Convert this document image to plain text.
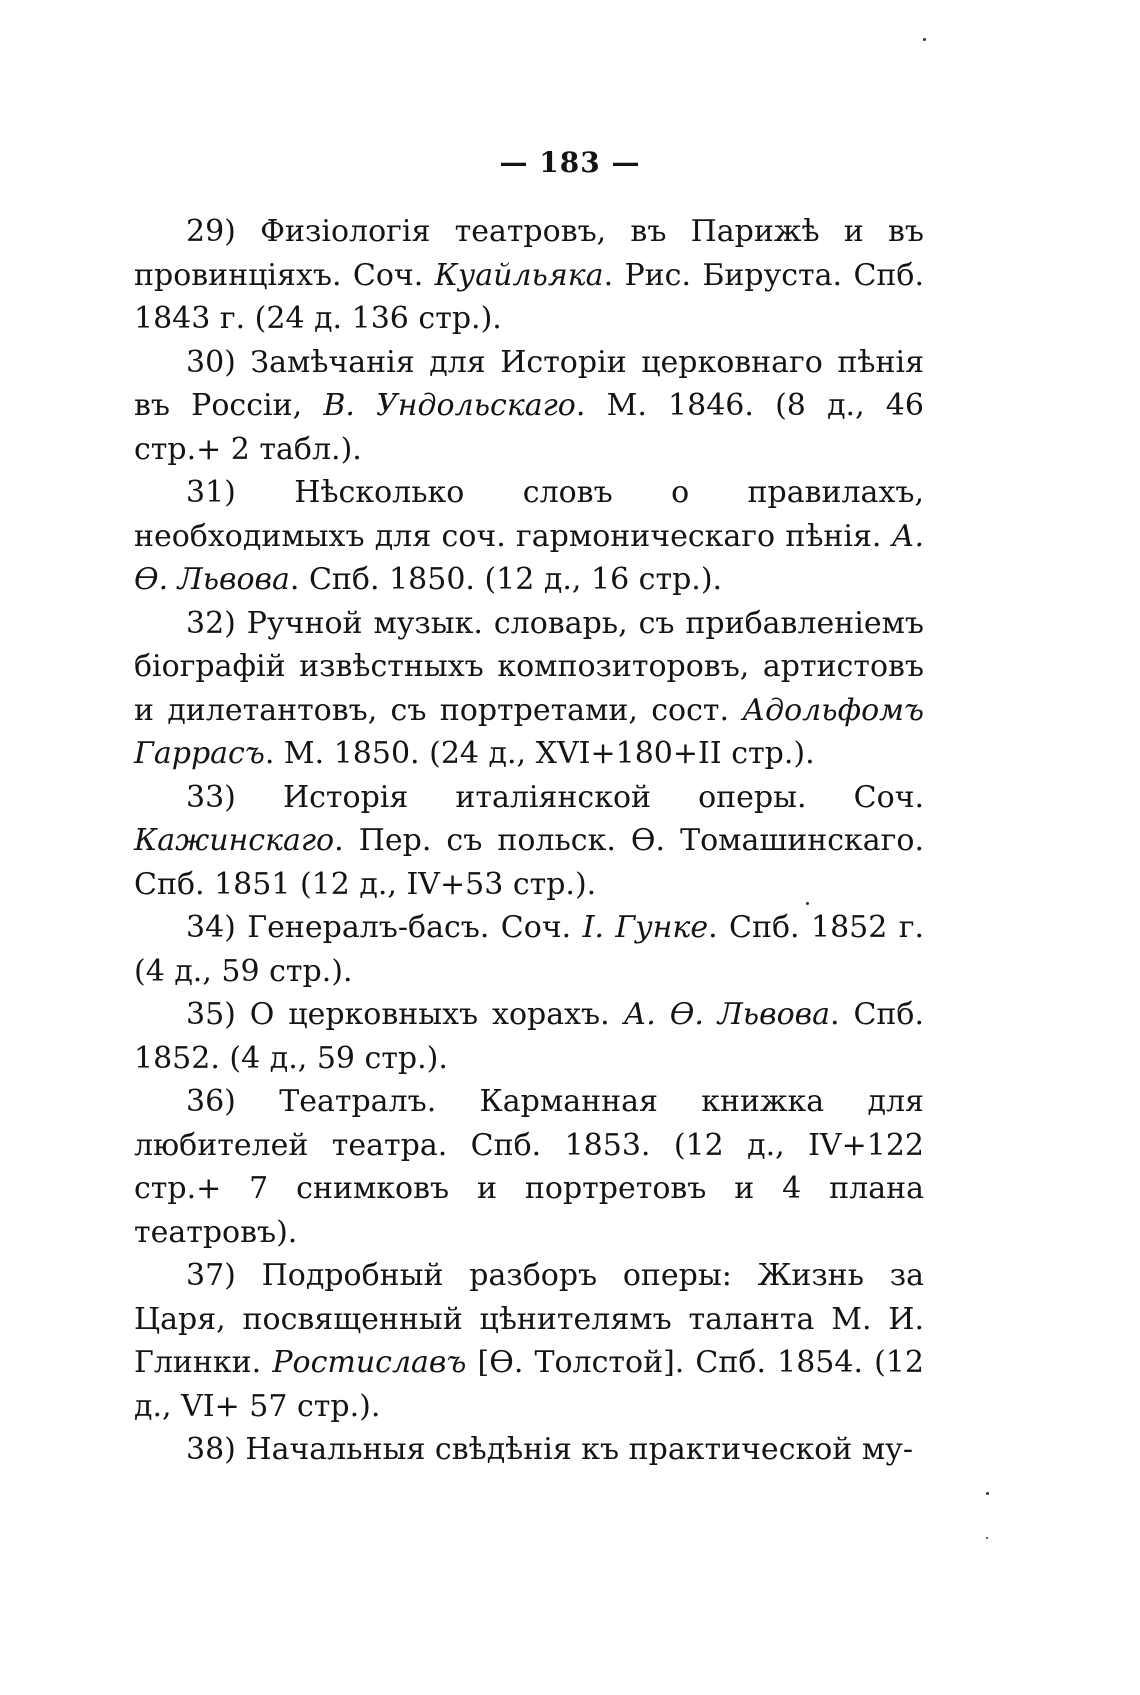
— 183 —

29) Физіологія театровъ, въ Парижѣ и въ провинціяхъ. Соч. Куайльяка. Рис. Бируста. Спб. 1843 г. (24 д. 136 стр.).

30) Замѣчанія для Исторіи церковнаго пѣнія въ Россіи, В. Ундольскаго. М. 1846. (8 д., 46 стр.+ 2 табл.).

31) Нѣсколько словъ о правилахъ, необходимыхъ для соч. гармоническаго пѣнія. А. Ѳ. Львова. Спб. 1850. (12 д., 16 стр.).

32) Ручной музык. словарь, съ прибавленіемъ біографій извѣстныхъ композиторовъ, артистовъ и дилетантовъ, съ портретами, сост. Адольфомъ Гаррасъ. М. 1850. (24 д., XVI+180+II стр.).

33) Исторія италіянской оперы. Соч. Кажинскаго. Пер. съ польск. Ѳ. Томашинскаго. Спб. 1851 (12 д., IV+53 стр.).

34) Генералъ-басъ. Соч. I. Гунке. Спб. 1852 г. (4 д., 59 стр.).

35) О церковныхъ хорахъ. А. Ѳ. Львова. Спб. 1852. (4 д., 59 стр.).

36) Театралъ. Карманная книжка для любителей театра. Спб. 1853. (12 д., IV+122 стр.+ 7 снимковъ и портретовъ и 4 плана театровъ).

37) Подробный разборъ оперы: Жизнь за Царя, посвященный цѣнителямъ таланта М. И. Глинки. Ростиславъ [Ѳ. Толстой]. Спб. 1854. (12 д., VI+ 57 стр.).

38) Начальныя свѣдѣнія къ практической му-
